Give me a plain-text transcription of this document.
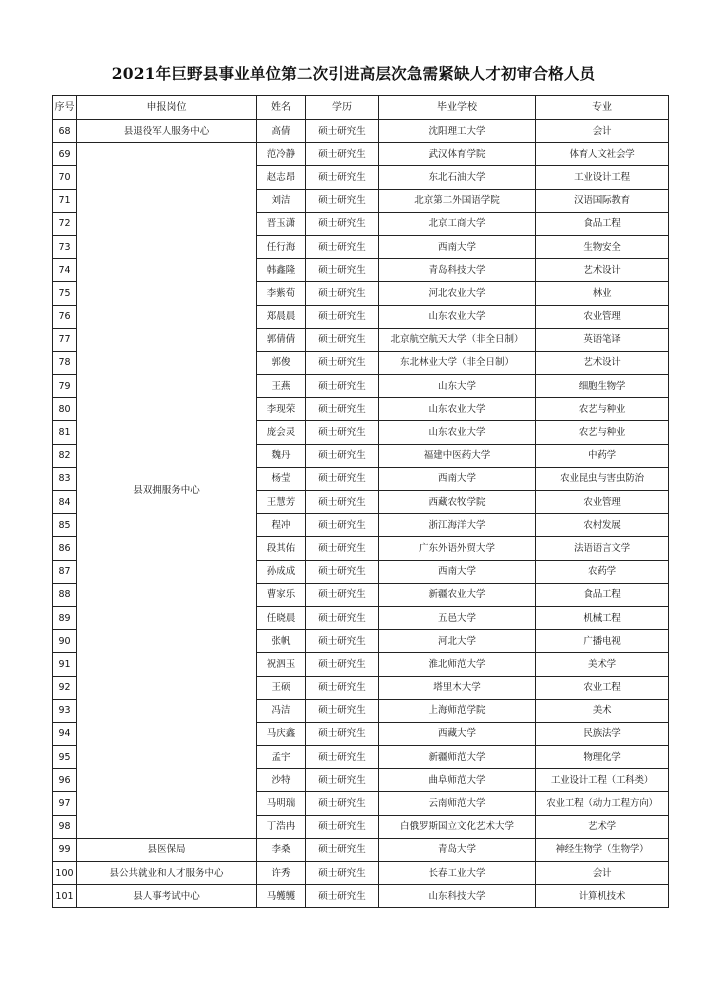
2021年巨野县事业单位第二次引进高层次急需紧缺人才初审合格人员
序号	申报岗位	姓名	学历	毕业学校	专业
68	县退役军人服务中心	高倩	硕士研究生	沈阳理工大学	会计
69	县双拥服务中心	范冷静	硕士研究生	武汉体育学院	体育人文社会学
70		赵志昂	硕士研究生	东北石油大学	工业设计工程
71		刘洁	硕士研究生	北京第二外国语学院	汉语国际教育
72		晋玉潇	硕士研究生	北京工商大学	食品工程
73		任行海	硕士研究生	西南大学	生物安全
74		韩鑫隆	硕士研究生	青岛科技大学	艺术设计
75		李紫荀	硕士研究生	河北农业大学	林业
76		郑晨晨	硕士研究生	山东农业大学	农业管理
77		郭倩倩	硕士研究生	北京航空航天大学（非全日制）	英语笔译
78		郭俊	硕士研究生	东北林业大学（非全日制）	艺术设计
79		王燕	硕士研究生	山东大学	细胞生物学
80		李现荣	硕士研究生	山东农业大学	农艺与种业
81		庞会灵	硕士研究生	山东农业大学	农艺与种业
82		魏丹	硕士研究生	福建中医药大学	中药学
83		杨莹	硕士研究生	西南大学	农业昆虫与害虫防治
84		王慧芳	硕士研究生	西藏农牧学院	农业管理
85		程冲	硕士研究生	浙江海洋大学	农村发展
86		段其佑	硕士研究生	广东外语外贸大学	法语语言文学
87		孙成成	硕士研究生	西南大学	农药学
88		曹家乐	硕士研究生	新疆农业大学	食品工程
89		任晓晨	硕士研究生	五邑大学	机械工程
90		张帆	硕士研究生	河北大学	广播电视
91		祝泗玉	硕士研究生	淮北师范大学	美术学
92		王硕	硕士研究生	塔里木大学	农业工程
93		冯洁	硕士研究生	上海师范学院	美术
94		马庆鑫	硕士研究生	西藏大学	民族法学
95		孟宇	硕士研究生	新疆师范大学	物理化学
96		沙特	硕士研究生	曲阜师范大学	工业设计工程（工科类）
97		马明瑞	硕士研究生	云南师范大学	农业工程（动力工程方向）
98		丁浩冉	硕士研究生	白俄罗斯国立文化艺术大学	艺术学
99	县医保局	李桑	硕士研究生	青岛大学	神经生物学（生物学）
100	县公共就业和人才服务中心	许秀	硕士研究生	长春工业大学	会计
101	县人事考试中心	马鹱鹱	硕士研究生	山东科技大学	计算机技术
